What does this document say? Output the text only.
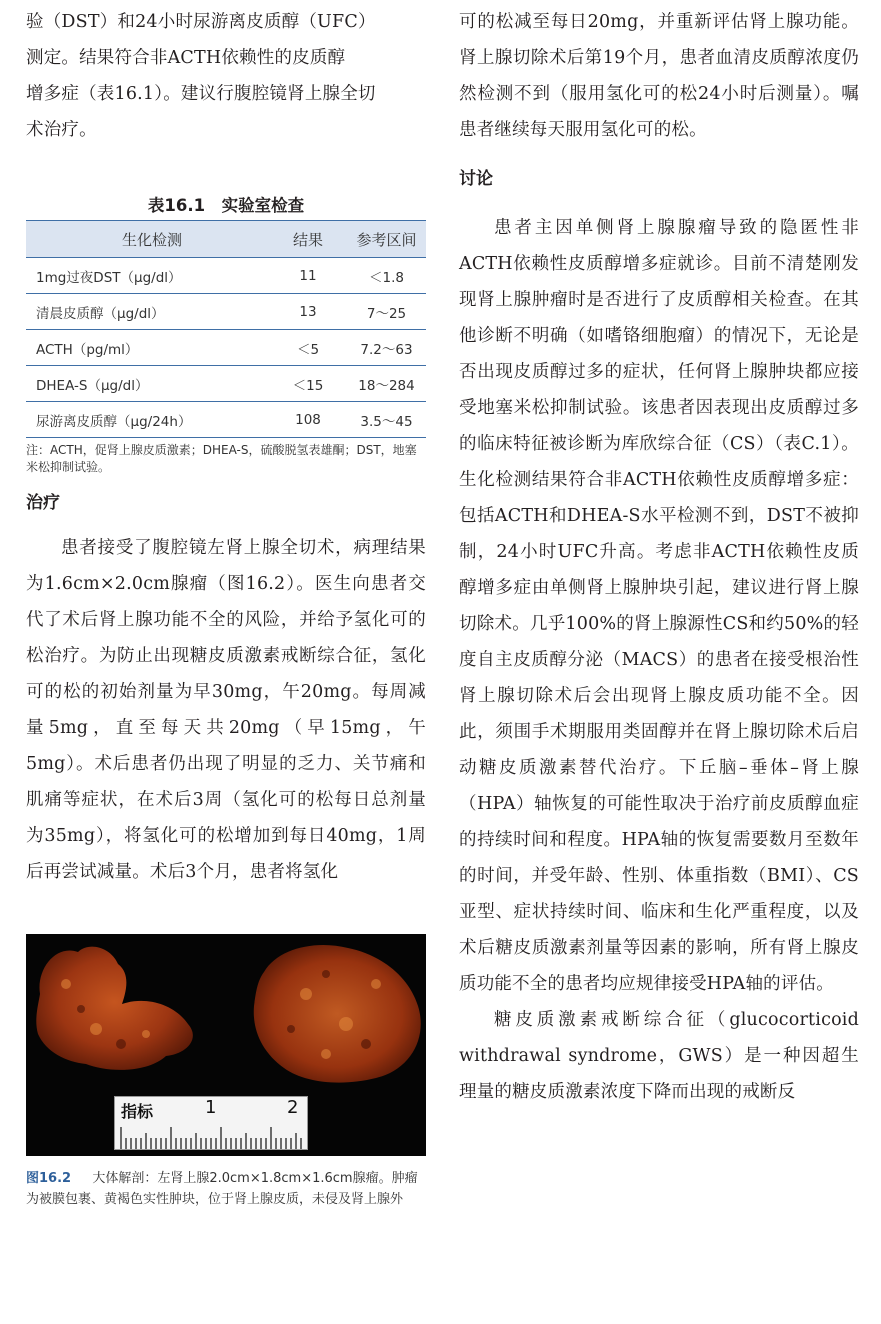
验（DST）和24小时尿游离皮质醇（UFC）

测定。结果符合非ACTH依赖性的皮质醇

增多症（表16.1）。建议行腹腔镜肾上腺全切

术治疗。

表16.1　实验室检查

生化检测	结果	参考区间
1mg过夜DST（μg/dl）	11	＜1.8
清晨皮质醇（μg/dl）	13	7～25
ACTH（pg/ml）	＜5	7.2～63
DHEA-S（μg/dl）	＜15	18～284
尿游离皮质醇（μg/24h）	108	3.5～45

注：ACTH，促肾上腺皮质激素；DHEA-S，硫酸脱氢表雄酮；DST，地塞米松抑制试验。

治疗

患者接受了腹腔镜左肾上腺全切术，病理结果为1.6cm×2.0cm腺瘤（图16.2）。医生向患者交代了术后肾上腺功能不全的风险，并给予氢化可的松治疗。为防止出现糖皮质激素戒断综合征，氢化可的松的初始剂量为早30mg，午20mg。每周减量5mg，直至每天共20mg（早15mg，午5mg）。术后患者仍出现了明显的乏力、关节痛和肌痛等症状，在术后3周（氢化可的松每日总剂量为35mg），将氢化可的松增加到每日40mg，1周后再尝试减量。术后3个月，患者将氢化

指标	1	2

图16.2   大体解剖：左肾上腺2.0cm×1.8cm×1.6cm腺瘤。肿瘤为被膜包裹、黄褐色实性肿块，位于肾上腺皮质，未侵及肾上腺外

可的松减至每日20mg，并重新评估肾上腺功能。肾上腺切除术后第19个月，患者血清皮质醇浓度仍然检测不到（服用氢化可的松24小时后测量）。嘱患者继续每天服用氢化可的松。

讨论

患者主因单侧肾上腺腺瘤导致的隐匿性非ACTH依赖性皮质醇增多症就诊。目前不清楚刚发现肾上腺肿瘤时是否进行了皮质醇相关检查。在其他诊断不明确（如嗜铬细胞瘤）的情况下，无论是否出现皮质醇过多的症状，任何肾上腺肿块都应接受地塞米松抑制试验。该患者因表现出皮质醇过多的临床特征被诊断为库欣综合征（CS）（表C.1）。生化检测结果符合非ACTH依赖性皮质醇增多症：包括ACTH和DHEA-S水平检测不到，DST不被抑制，24小时UFC升高。考虑非ACTH依赖性皮质醇增多症由单侧肾上腺肿块引起，建议进行肾上腺切除术。几乎100%的肾上腺源性CS和约50%的轻度自主皮质醇分泌（MACS）的患者在接受根治性肾上腺切除术后会出现肾上腺皮质功能不全。因此，须围手术期服用类固醇并在肾上腺切除术后启动糖皮质激素替代治疗。下丘脑–垂体–肾上腺（HPA）轴恢复的可能性取决于治疗前皮质醇血症的持续时间和程度。HPA轴的恢复需要数月至数年的时间，并受年龄、性别、体重指数（BMI）、CS亚型、症状持续时间、临床和生化严重程度，以及术后糖皮质激素剂量等因素的影响，所有肾上腺皮质功能不全的患者均应规律接受HPA轴的评估。

糖皮质激素戒断综合征（glucocorticoid withdrawal syndrome，GWS）是一种因超生理量的糖皮质激素浓度下降而出现的戒断反
